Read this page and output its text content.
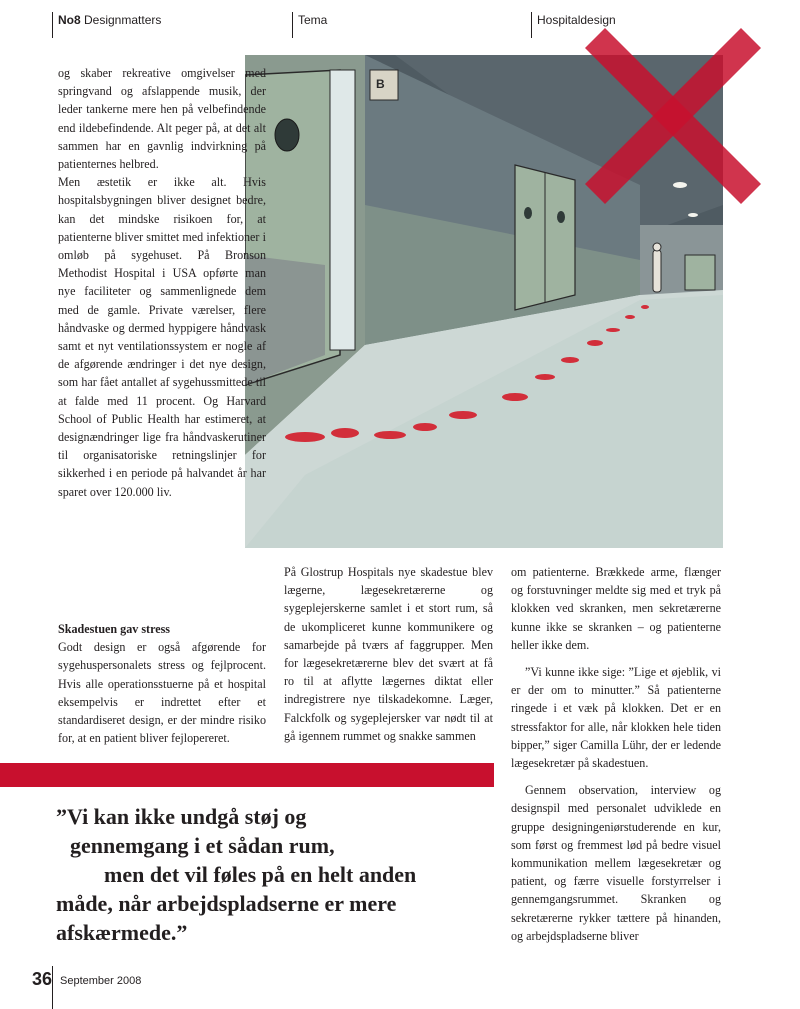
No8 Designmatters	Tema	Hospitaldesign
B

og skaber rekreative omgivelser med springvand og afslappende musik, der leder tankerne mere hen på velbefindende end ildebefindende. Alt peger på, at det alt sammen har en gavnlig indvirkning på patienternes helbred.

Men æstetik er ikke alt. Hvis hospitalsbygningen bliver designet bedre, kan det mindske risikoen for, at patienterne bliver smittet med infektioner i omløb på sygehuset. På Bronson Methodist Hospital i USA opførte man nye faciliteter og sammenlignede dem med de gamle. Private værelser, flere håndvaske og dermed hyppigere håndvask samt et nyt ventilationssystem er nogle af de afgørende ændringer i det nye design, som har fået antallet af sygehussmittede til at falde med 11 procent. Og Harvard School of Public Health har estimeret, at designændringer lige fra håndvaskerutiner til organisatoriske retningslinjer for sikkerhed i en periode på halvandet år har sparet over 120.000 liv.

Skadestuen gav stress

Godt design er også afgørende for sygehuspersonalets stress og fejlprocent. Hvis alle operationsstuerne på et hospital eksempelvis er indrettet efter et standardiseret design, er der mindre risiko for, at en patient bliver fejlopereret.

På Glostrup Hospitals nye skadestue blev lægerne, lægesekretærerne og sygeplejerskerne samlet i et stort rum, så de ukompliceret kunne kommunikere og samarbejde på tværs af faggrupper. Men for lægesekretærerne blev det svært at få ro til at aflytte lægernes diktat eller indregistrere nye tilskadekomne. Læger, Falckfolk og sygeplejersker var nødt til at gå igennem rummet og snakke sammen

om patienterne. Brækkede arme, flænger og forstuvninger meldte sig med et tryk på klokken ved skranken, men sekretærerne kunne ikke se skranken – og patienterne heller ikke dem.

”Vi kunne ikke sige: ”Lige et øjeblik, vi er der om to minutter.” Så patienterne ringede i et væk på klokken. Det er en stressfaktor for alle, når klokken hele tiden bipper,” siger Camilla Lühr, der er ledende lægesekretær på skadestuen.

Gennem observation, interview og designspil med personalet udviklede en gruppe designingeniørstuderende en kur, som først og fremmest lød på bedre visuel kommunikation mellem lægesekretær og patient, og færre visuelle forstyrrelser i gennemgangsrummet. Skranken og sekretærerne rykker tættere på hinanden, og arbejdspladserne bliver

”Vi kan ikke undgå støj og
gennemgang i et sådan rum,
men det vil føles på en helt anden
måde, når arbejdspladserne er mere
afskærmede.”
36 September 2008
